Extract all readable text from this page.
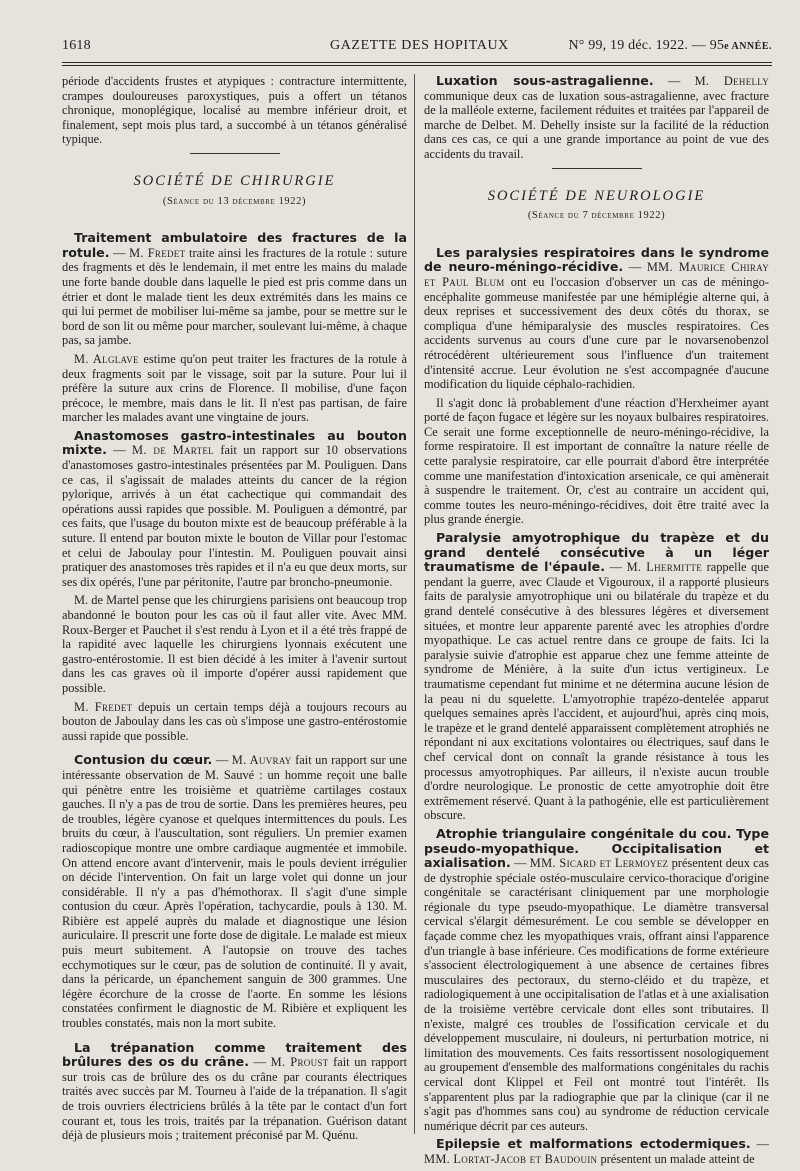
1618	GAZETTE DES HOPITAUX	N° 99, 19 déc. 1922. — 95e ANNÉE.

période d'accidents frustes et atypiques : contracture intermittente, crampes douloureuses paroxystiques, puis a offert un tétanos chronique, monoplégique, localisé au membre inférieur droit, et finalement, sept mois plus tard, a succombé à un tétanos généralisé typique.

SOCIÉTÉ DE CHIRURGIE
(Séance du 13 décembre 1922)

Traitement ambulatoire des fractures de la rotule. — M. Fredet traite ainsi les fractures de la rotule : suture des fragments et dès le lendemain, il met entre les mains du malade une forte bande double dans laquelle le pied est pris comme dans un étrier et dont le malade tient les deux extrémités dans les mains ce qui lui permet de mobiliser lui-même sa jambe, pour se mettre sur le bord de son lit ou même pour marcher, soulevant lui-même, à chaque pas, sa jambe.

M. Alglave estime qu'on peut traiter les fractures de la rotule à deux fragments soit par le vissage, soit par la suture. Pour lui il préfère la suture aux crins de Florence. Il mobilise, d'une façon précoce, le membre, mais dans le lit. Il n'est pas partisan, de faire marcher les malades avant une vingtaine de jours.

Anastomoses gastro-intestinales au bouton mixte. — M. de Martel fait un rapport sur 10 observations d'anastomoses gastro-intestinales présentées par M. Pouliguen. Dans ce cas, il s'agissait de malades atteints du cancer de la région pylorique, arrivés à un état cachectique qui commandait des opérations aussi rapides que possible. M. Pouliguen a démontré, par ces faits, que l'usage du bouton mixte est de beaucoup préférable à la suture. Il entend par bouton mixte le bouton de Villar pour l'estomac et celui de Jaboulay pour l'intestin. M. Pouliguen pouvait ainsi pratiquer des anastomoses très rapides et il n'a eu que deux morts, sur ses dix opérés, l'une par péritonite, l'autre par broncho-pneumonie.

M. de Martel pense que les chirurgiens parisiens ont beaucoup trop abandonné le bouton pour les cas où il faut aller vite. Avec MM. Roux-Berger et Pauchet il s'est rendu à Lyon et il a été très frappé de la rapidité avec laquelle les chirurgiens lyonnais exécutent une gastro-entérostomie. Il est bien décidé à les imiter à l'avenir surtout dans les cas graves où il importe d'opérer aussi rapidement que possible.

M. Fredet depuis un certain temps déjà a toujours recours au bouton de Jaboulay dans les cas où s'impose une gastro-entérostomie aussi rapide que possible.

Contusion du cœur. — M. Auvray fait un rapport sur une intéressante observation de M. Sauvé : un homme reçoit une balle qui pénètre entre les troisième et quatrième cartilages costaux gauches. Il n'y a pas de trou de sortie. Dans les premières heures, peu de troubles, légère cyanose et quelques intermittences du pouls. Les bruits du cœur, à l'auscultation, sont réguliers. Un premier examen radioscopique montre une ombre cardiaque augmentée et immobile. On attend encore avant d'intervenir, mais le pouls devient irrégulier on décide l'intervention. On fait un large volet qui donne un jour considérable. Il n'y a pas d'hémothorax. Il s'agit d'une simple contusion du cœur. Après l'opération, tachycardie, pouls à 130. M. Ribière est appelé auprès du malade et diagnostique une lésion auriculaire. Il prescrit une forte dose de digitale. Le malade est mieux puis meurt subitement. A l'autopsie on trouve des taches ecchymotiques sur le cœur, pas de solution de continuité. Il y avait, dans la péricarde, un épanchement sanguin de 300 grammes. Une légère écorchure de la crosse de l'aorte. En somme les lésions constatées confirment le diagnostic de M. Ribière et expliquent les troubles constatés, mais non la mort subite.

La trépanation comme traitement des brûlures des os du crâne. — M. Proust fait un rapport sur trois cas de brûlure des os du crâne par courants électriques traités avec succès par M. Tourneu à l'aide de la trépanation. Il s'agit de trois ouvriers électriciens brûlés à la tête par le contact d'un fort courant et, tous les trois, traités par la trépanation. Guérison datant déjà de plusieurs mois ; traitement préconisé par M. Quénu.

Luxation sous-astragalienne. — M. Dehelly communique deux cas de luxation sous-astragalienne, avec fracture de la malléole externe, facilement réduites et traitées par l'appareil de marche de Delbet. M. Dehelly insiste sur la facilité de la réduction dans ces cas, ce qui a une grande importance au point de vue des accidents du travail.

SOCIÉTÉ DE NEUROLOGIE
(Séance du 7 décembre 1922)

Les paralysies respiratoires dans le syndrome de neuro-méningo-récidive. — MM. Maurice Chiray et Paul Blum ont eu l'occasion d'observer un cas de méningo-encéphalite gommeuse manifestée par une hémiplégie alterne qui, à deux reprises et successivement des deux côtés du thorax, se compliqua d'une hémiparalysie des muscles respiratoires. Ces accidents survenus au cours d'une cure par le novarsenobenzol rétrocédèrent ultérieurement sous l'influence d'un traitement d'intensité accrue. Leur évolution ne s'est accompagnée d'aucune modification du liquide céphalo-rachidien.

Il s'agit donc là probablement d'une réaction d'Herxheimer ayant porté de façon fugace et légère sur les noyaux bulbaires respiratoires. Ce serait une forme exceptionnelle de neuro-méningo-récidive, la forme respiratoire. Il est important de connaître la nature réelle de cette paralysie respiratoire, car elle pourrait d'abord être interprétée comme une manifestation d'intoxication arsenicale, ce qui amènerait à suspendre le traitement. Or, c'est au contraire un accident qui, comme toutes les neuro-méningo-récidives, doit être traité avec la plus grande énergie.

Paralysie amyotrophique du trapèze et du grand dentelé consécutive à un léger traumatisme de l'épaule. — M. Lhermitte rappelle que pendant la guerre, avec Claude et Vigouroux, il a rapporté plusieurs faits de paralysie amyotrophique uni ou bilatérale du trapèze et du grand dentelé consécutive à des blessures légères et diversement situées, et montre leur apparente parenté avec les atrophies d'ordre myopathique. Le cas actuel rentre dans ce groupe de faits. Ici la paralysie suivie d'atrophie est apparue chez une femme atteinte de syndrome de Ménière, à la suite d'un ictus vertigineux. Le traumatisme cependant fut minime et ne détermina aucune lésion de la peau ni du squelette. L'amyotrophie trapézo-dentelée apparut quelques semaines après l'accident, et aujourd'hui, après cinq mois, le trapèze et le grand dentelé apparaissent complètement atrophiés ne répondant ni aux excitations volontaires ou électriques, sauf dans le chef cervical dont on connaît la grande résistance à tous les processus amyotrophiques. Par ailleurs, il n'existe aucun trouble d'ordre neurologique. Le pronostic de cette amyotrophie doit être extrêmement réservé. Quant à la pathogénie, elle est particulièrement obscure.

Atrophie triangulaire congénitale du cou. Type pseudo-myopathique. Occipitalisation et axialisation. — MM. Sicard et Lermoyez présentent deux cas de dystrophie spéciale ostéo-musculaire cervico-thoracique d'origine congénitale se caractérisant cliniquement par une morphologie régionale du type pseudo-myopathique. Le diamètre transversal cervical s'élargit démesurément. Le cou semble se développer en façade comme chez les myopathiques vrais, offrant ainsi l'apparence d'un triangle à base inférieure. Ces modifications de forme extérieure s'associent électrologiquement à une absence de certaines fibres musculaires des pectoraux, du sterno-cléido et du trapèze, et radiologiquement à une occipitalisation de l'atlas et à une axialisation de la troisième vertèbre cervicale dont elles sont tributaires. Il n'existe, malgré ces troubles de l'ossification cervicale et du développement musculaire, ni douleurs, ni perturbation motrice, ni limitation des mouvements. Ces faits ressortissent nosologiquement au groupement d'ensemble des malformations congénitales du rachis cervical dont Klippel et Feil ont montré tout l'intérêt. Ils s'apparentent plus par la radiographie que par la clinique (car il ne s'agit pas d'hommes sans cou) au syndrome de réduction cervicale numérique décrit par ces auteurs.

Epilepsie et malformations ectodermiques. — MM. Lortat-Jacob et Baudouin présentent un malade atteint de
